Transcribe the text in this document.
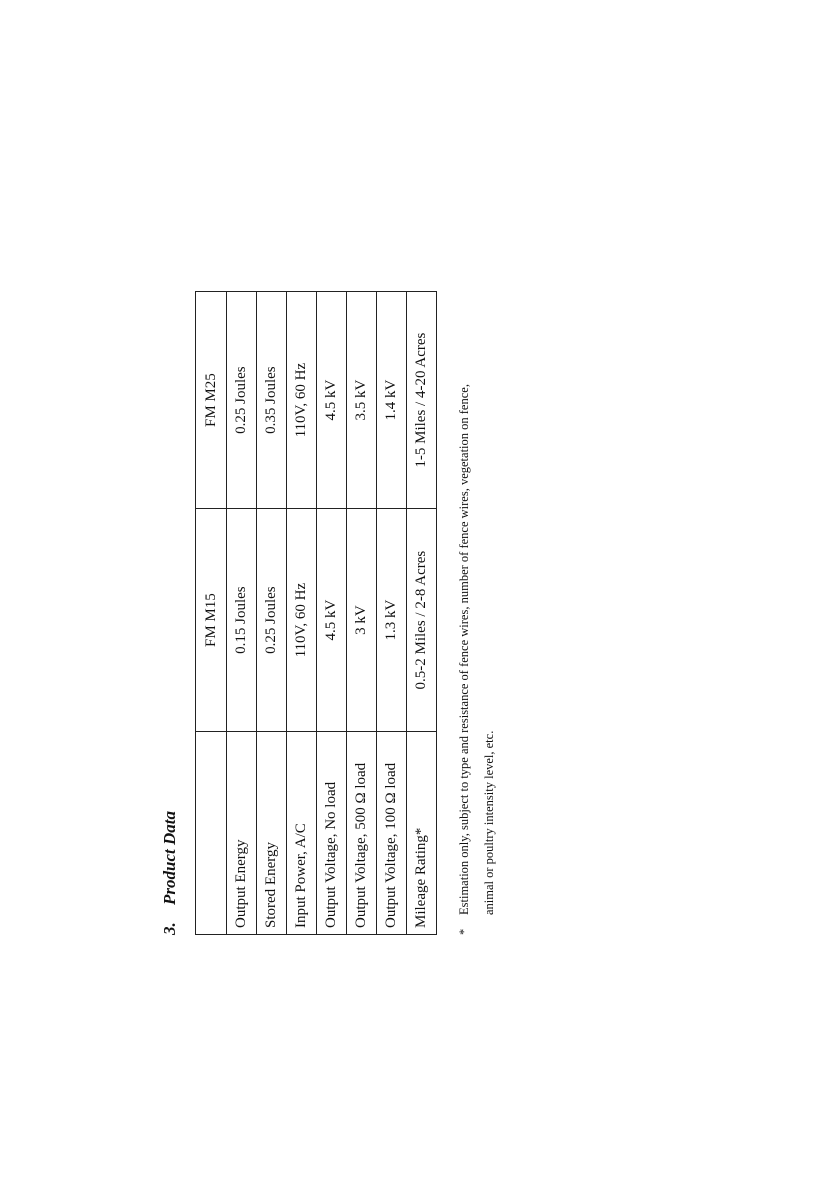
3.Product Data
	FM M15	FM M25
Output Energy	0.15 Joules	0.25 Joules
Stored Energy	0.25 Joules	0.35 Joules
Input Power, A/C	110V, 60 Hz	110V, 60 Hz
Output Voltage, No load	4.5 kV	4.5 kV
Output Voltage, 500 Ω load	3 kV	3.5 kV
Output Voltage, 100 Ω load	1.3 kV	1.4 kV
Mileage Rating*	0.5-2 Miles / 2-8 Acres	1-5 Miles / 4-20 Acres
*Estimation only, subject to type and resistance of fence wires, number of fence wires, vegetation on fence, animal or poultry intensity level, etc.
